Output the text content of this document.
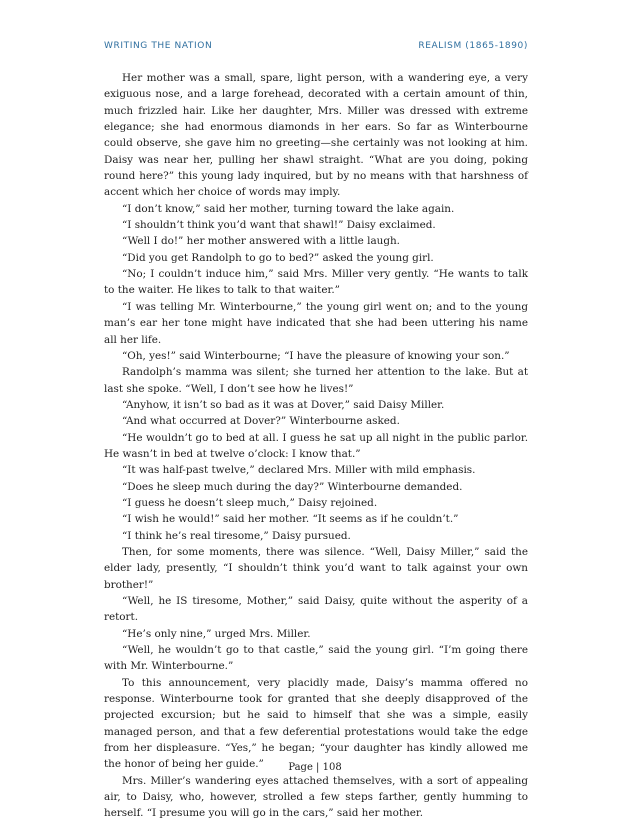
WRITING THE NATION	REALISM (1865-1890)

Her mother was a small, spare, light person, with a wandering eye, a very exiguous nose, and a large forehead, decorated with a certain amount of thin, much frizzled hair. Like her daughter, Mrs. Miller was dressed with extreme elegance; she had enormous diamonds in her ears. So far as Winterbourne could observe, she gave him no greeting—she certainly was not looking at him. Daisy was near her, pulling her shawl straight. “What are you doing, poking round here?” this young lady inquired, but by no means with that harshness of accent which her choice of words may imply.

“I don’t know,” said her mother, turning toward the lake again.

“I shouldn’t think you’d want that shawl!” Daisy exclaimed.

“Well I do!” her mother answered with a little laugh.

“Did you get Randolph to go to bed?” asked the young girl.

“No; I couldn’t induce him,” said Mrs. Miller very gently. “He wants to talk to the waiter. He likes to talk to that waiter.”

“I was telling Mr. Winterbourne,” the young girl went on; and to the young man’s ear her tone might have indicated that she had been uttering his name all her life.

“Oh, yes!” said Winterbourne; “I have the pleasure of knowing your son.”

Randolph’s mamma was silent; she turned her attention to the lake. But at last she spoke. “Well, I don’t see how he lives!”

“Anyhow, it isn’t so bad as it was at Dover,” said Daisy Miller.

“And what occurred at Dover?” Winterbourne asked.

“He wouldn’t go to bed at all. I guess he sat up all night in the public parlor. He wasn’t in bed at twelve o’clock: I know that.”

“It was half-past twelve,” declared Mrs. Miller with mild emphasis.

“Does he sleep much during the day?” Winterbourne demanded.

“I guess he doesn’t sleep much,” Daisy rejoined.

“I wish he would!” said her mother. “It seems as if he couldn’t.”

“I think he’s real tiresome,” Daisy pursued.

Then, for some moments, there was silence. “Well, Daisy Miller,” said the elder lady, presently, “I shouldn’t think you’d want to talk against your own brother!”

“Well, he IS tiresome, Mother,” said Daisy, quite without the asperity of a retort.

“He’s only nine,” urged Mrs. Miller.

“Well, he wouldn’t go to that castle,” said the young girl. “I’m going there with Mr. Winterbourne.”

To this announcement, very placidly made, Daisy’s mamma offered no response. Winterbourne took for granted that she deeply disapproved of the projected excursion; but he said to himself that she was a simple, easily managed person, and that a few deferential protestations would take the edge from her displeasure. “Yes,” he began; “your daughter has kindly allowed me the honor of being her guide.”

Mrs. Miller’s wandering eyes attached themselves, with a sort of appealing air, to Daisy, who, however, strolled a few steps farther, gently humming to herself. “I presume you will go in the cars,” said her mother.

Page | 108
